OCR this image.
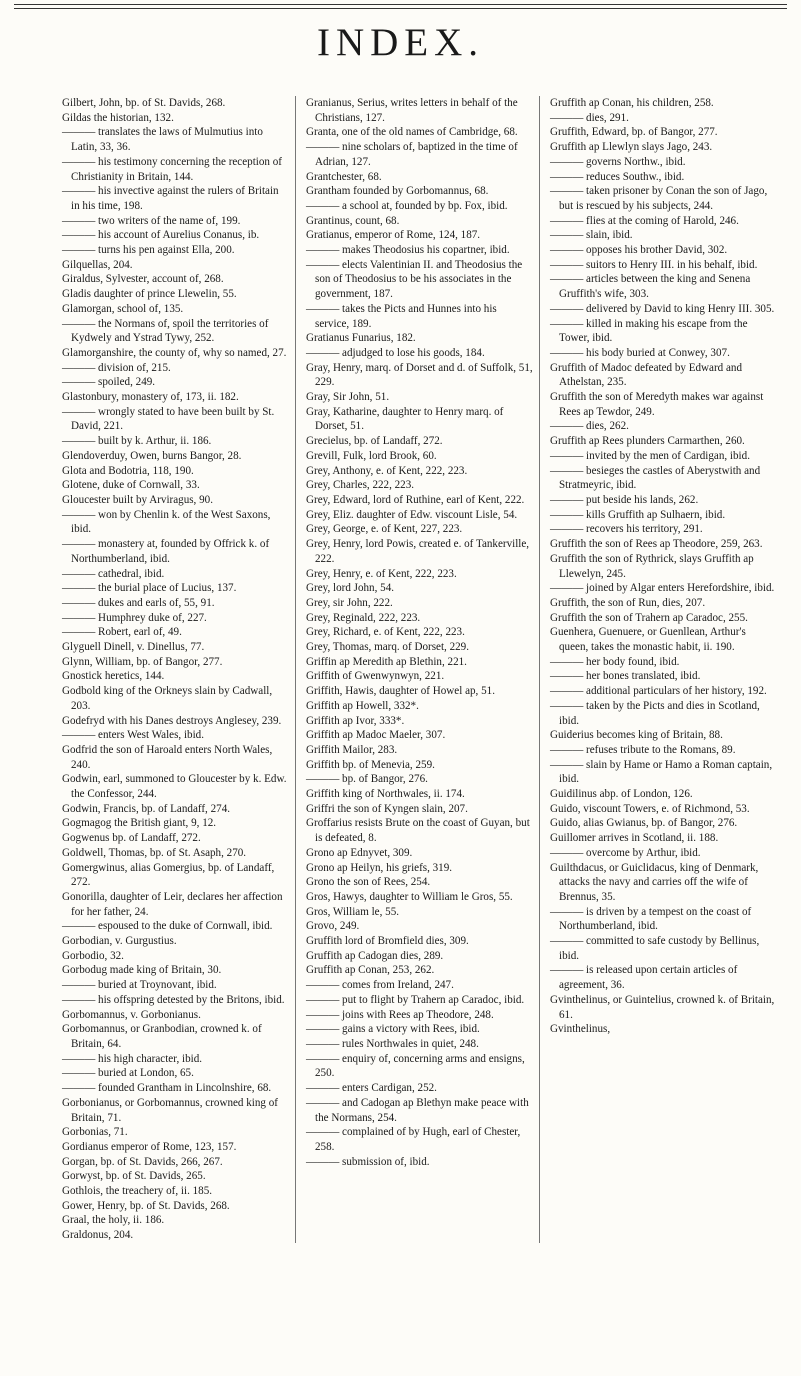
INDEX.

Gilbert, John, bp. of St. Davids, 268.

Gildas the historian, 132.

——— translates the laws of Mulmutius into Latin, 33, 36.

——— his testimony concerning the reception of Christianity in Britain, 144.

——— his invective against the rulers of Britain in his time, 198.

——— two writers of the name of, 199.

——— his account of Aurelius Conanus, ib.

——— turns his pen against Ella, 200.

Gilquellas, 204.

Giraldus, Sylvester, account of, 268.

Gladis daughter of prince Llewelin, 55.

Glamorgan, school of, 135.

——— the Normans of, spoil the territories of Kydwely and Ystrad Tywy, 252.

Glamorganshire, the county of, why so named, 27.

——— division of, 215.

——— spoiled, 249.

Glastonbury, monastery of, 173, ii. 182.

——— wrongly stated to have been built by St. David, 221.

——— built by k. Arthur, ii. 186.

Glendoverduy, Owen, burns Bangor, 28.

Glota and Bodotria, 118, 190.

Glotene, duke of Cornwall, 33.

Gloucester built by Arviragus, 90.

——— won by Chenlin k. of the West Saxons, ibid.

——— monastery at, founded by Offrick k. of Northumberland, ibid.

——— cathedral, ibid.

——— the burial place of Lucius, 137.

——— dukes and earls of, 55, 91.

——— Humphrey duke of, 227.

——— Robert, earl of, 49.

Glyguell Dinell, v. Dinellus, 77.

Glynn, William, bp. of Bangor, 277.

Gnostick heretics, 144.

Godbold king of the Orkneys slain by Cadwall, 203.

Godefryd with his Danes destroys Anglesey, 239.

——— enters West Wales, ibid.

Godfrid the son of Haroald enters North Wales, 240.

Godwin, earl, summoned to Gloucester by k. Edw. the Confessor, 244.

Godwin, Francis, bp. of Landaff, 274.

Gogmagog the British giant, 9, 12.

Gogwenus bp. of Landaff, 272.

Goldwell, Thomas, bp. of St. Asaph, 270.

Gomergwinus, alias Gomergius, bp. of Landaff, 272.

Gonorilla, daughter of Leir, declares her affection for her father, 24.

——— espoused to the duke of Cornwall, ibid.

Gorbodian, v. Gurgustius.

Gorbodio, 32.

Gorbodug made king of Britain, 30.

——— buried at Troynovant, ibid.

——— his offspring detested by the Britons, ibid.

Gorbomannus, v. Gorbonianus.

Gorbomannus, or Granbodian, crowned k. of Britain, 64.

——— his high character, ibid.

——— buried at London, 65.

——— founded Grantham in Lincolnshire, 68.

Gorbonianus, or Gorbomannus, crowned king of Britain, 71.

Gorbonias, 71.

Gordianus emperor of Rome, 123, 157.

Gorgan, bp. of St. Davids, 266, 267.

Gorwyst, bp. of St. Davids, 265.

Gothlois, the treachery of, ii. 185.

Gower, Henry, bp. of St. Davids, 268.

Graal, the holy, ii. 186.

Graldonus, 204.

Granianus, Serius, writes letters in behalf of the Christians, 127.

Granta, one of the old names of Cambridge, 68.

——— nine scholars of, baptized in the time of Adrian, 127.

Grantchester, 68.

Grantham founded by Gorbomannus, 68.

——— a school at, founded by bp. Fox, ibid.

Grantinus, count, 68.

Gratianus, emperor of Rome, 124, 187.

——— makes Theodosius his copartner, ibid.

——— elects Valentinian II. and Theodosius the son of Theodosius to be his associates in the government, 187.

——— takes the Picts and Hunnes into his service, 189.

Gratianus Funarius, 182.

——— adjudged to lose his goods, 184.

Gray, Henry, marq. of Dorset and d. of Suffolk, 51, 229.

Gray, Sir John, 51.

Gray, Katharine, daughter to Henry marq. of Dorset, 51.

Grecielus, bp. of Landaff, 272.

Grevill, Fulk, lord Brook, 60.

Grey, Anthony, e. of Kent, 222, 223.

Grey, Charles, 222, 223.

Grey, Edward, lord of Ruthine, earl of Kent, 222.

Grey, Eliz. daughter of Edw. viscount Lisle, 54.

Grey, George, e. of Kent, 227, 223.

Grey, Henry, lord Powis, created e. of Tankerville, 222.

Grey, Henry, e. of Kent, 222, 223.

Grey, lord John, 54.

Grey, sir John, 222.

Grey, Reginald, 222, 223.

Grey, Richard, e. of Kent, 222, 223.

Grey, Thomas, marq. of Dorset, 229.

Griffin ap Meredith ap Blethin, 221.

Griffith of Gwenwynwyn, 221.

Griffith, Hawis, daughter of Howel ap, 51.

Griffith ap Howell, 332*.

Griffith ap Ivor, 333*.

Griffith ap Madoc Maeler, 307.

Griffith Mailor, 283.

Griffith bp. of Menevia, 259.

——— bp. of Bangor, 276.

Griffith king of Northwales, ii. 174.

Griffri the son of Kyngen slain, 207.

Groffarius resists Brute on the coast of Guyan, but is defeated, 8.

Grono ap Ednyvet, 309.

Grono ap Heilyn, his griefs, 319.

Grono the son of Rees, 254.

Gros, Hawys, daughter to William le Gros, 55.

Gros, William le, 55.

Grovo, 249.

Gruffith lord of Bromfield dies, 309.

Gruffith ap Cadogan dies, 289.

Gruffith ap Conan, 253, 262.

——— comes from Ireland, 247.

——— put to flight by Trahern ap Caradoc, ibid.

——— joins with Rees ap Theodore, 248.

——— gains a victory with Rees, ibid.

——— rules Northwales in quiet, 248.

——— enquiry of, concerning arms and ensigns, 250.

——— enters Cardigan, 252.

——— and Cadogan ap Blethyn make peace with the Normans, 254.

——— complained of by Hugh, earl of Chester, 258.

——— submission of, ibid.

Gruffith ap Conan, his children, 258.

——— dies, 291.

Gruffith, Edward, bp. of Bangor, 277.

Gruffith ap Llewlyn slays Jago, 243.

——— governs Northw., ibid.

——— reduces Southw., ibid.

——— taken prisoner by Conan the son of Jago, but is rescued by his subjects, 244.

——— flies at the coming of Harold, 246.

——— slain, ibid.

——— opposes his brother David, 302.

——— suitors to Henry III. in his behalf, ibid.

——— articles between the king and Senena Gruffith's wife, 303.

——— delivered by David to king Henry III. 305.

——— killed in making his escape from the Tower, ibid.

——— his body buried at Conwey, 307.

Gruffith of Madoc defeated by Edward and Athelstan, 235.

Gruffith the son of Meredyth makes war against Rees ap Tewdor, 249.

——— dies, 262.

Gruffith ap Rees plunders Carmarthen, 260.

——— invited by the men of Cardigan, ibid.

——— besieges the castles of Aberystwith and Stratmeyric, ibid.

——— put beside his lands, 262.

——— kills Gruffith ap Sulhaern, ibid.

——— recovers his territory, 291.

Gruffith the son of Rees ap Theodore, 259, 263.

Gruffith the son of Rythrick, slays Gruffith ap Llewelyn, 245.

——— joined by Algar enters Herefordshire, ibid.

Gruffith, the son of Run, dies, 207.

Gruffith the son of Trahern ap Caradoc, 255.

Guenhera, Guenuere, or Guenllean, Arthur's queen, takes the monastic habit, ii. 190.

——— her body found, ibid.

——— her bones translated, ibid.

——— additional particulars of her history, 192.

——— taken by the Picts and dies in Scotland, ibid.

Guiderius becomes king of Britain, 88.

——— refuses tribute to the Romans, 89.

——— slain by Hame or Hamo a Roman captain, ibid.

Guidilinus abp. of London, 126.

Guido, viscount Towers, e. of Richmond, 53.

Guido, alias Gwianus, bp. of Bangor, 276.

Guillomer arrives in Scotland, ii. 188.

——— overcome by Arthur, ibid.

Guilthdacus, or Guiclidacus, king of Denmark, attacks the navy and carries off the wife of Brennus, 35.

——— is driven by a tempest on the coast of Northumberland, ibid.

——— committed to safe custody by Bellinus, ibid.

——— is released upon certain articles of agreement, 36.

Gvinthelinus, or Guintelius, crowned k. of Britain, 61.

Gvinthelinus,
